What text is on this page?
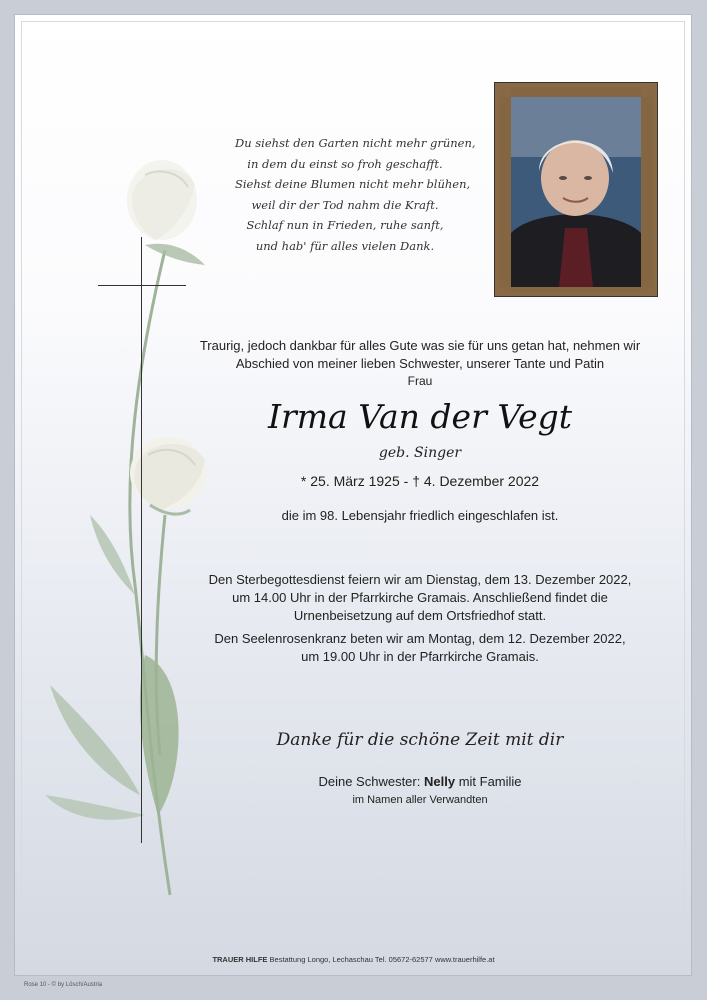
Du siehst den Garten nicht mehr grünen,
in dem du einst so froh geschafft.
Siehst deine Blumen nicht mehr blühen,
weil dir der Tod nahm die Kraft.
Schlaf nun in Frieden, ruhe sanft,
und hab' für alles vielen Dank.
Traurig, jedoch dankbar für alles Gute was sie für uns getan hat, nehmen wir
Abschied von meiner lieben Schwester, unserer Tante und Patin
Frau
Irma Van der Vegt
geb. Singer
* 25. März 1925 - † 4. Dezember 2022
die im 98. Lebensjahr friedlich eingeschlafen ist.
Den Sterbegottesdienst feiern wir am Dienstag, dem 13. Dezember 2022,
um 14.00 Uhr in der Pfarrkirche Gramais. Anschließend findet die
Urnenbeisetzung auf dem Ortsfriedhof statt.
Den Seelenrosenkranz beten wir am Montag, dem 12. Dezember 2022,
um 19.00 Uhr in der Pfarrkirche Gramais.
Danke für die schöne Zeit mit dir
Deine Schwester: Nelly mit Familie
im Namen aller Verwandten
TRAUER HILFE Bestattung Longo, Lechaschau Tel. 05672-62577 www.trauerhilfe.at
Rose 10 - © by Lösch/Austria
